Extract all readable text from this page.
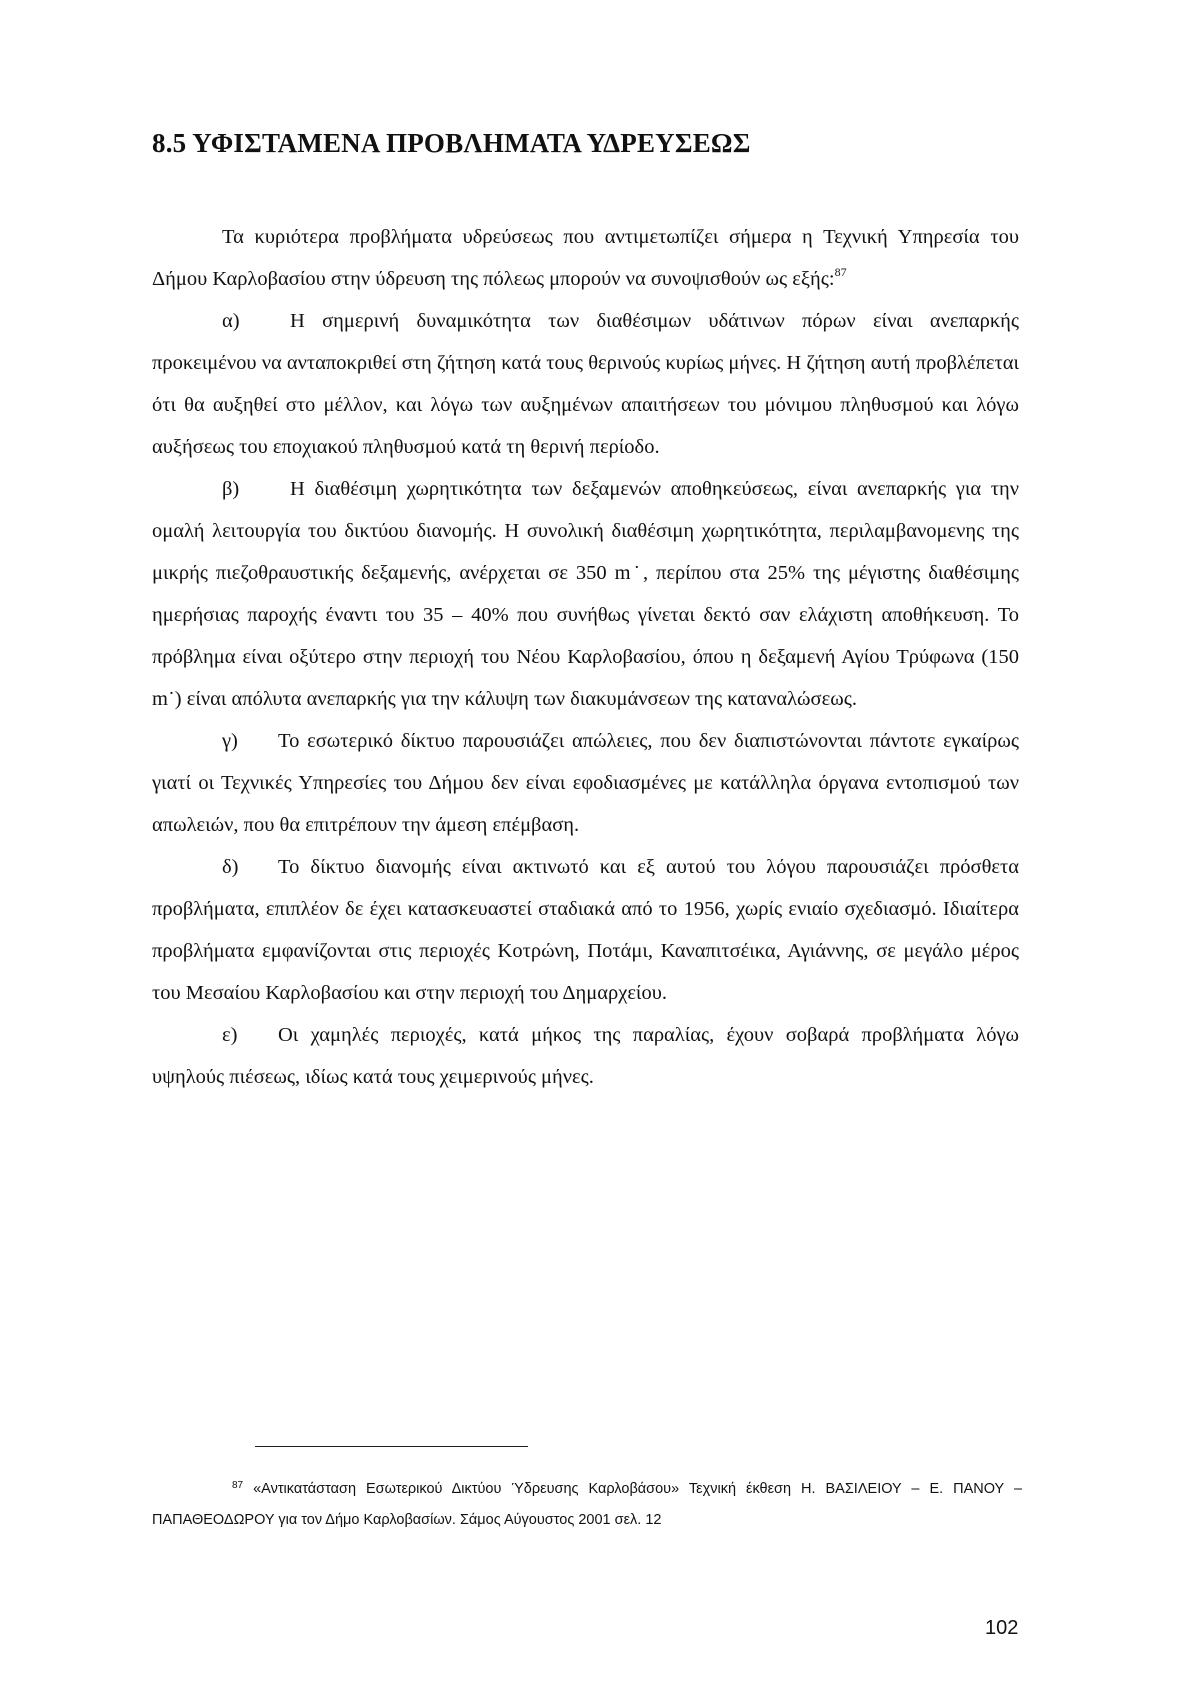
8.5 ΥΦΙΣΤΑΜΕΝΑ ΠΡΟΒΛΗΜΑΤΑ ΥΔΡΕΥΣΕΩΣ

Τα κυριότερα προβλήματα υδρεύσεως που αντιμετωπίζει σήμερα η Τεχνική Υπηρεσία του Δήμου Καρλοβασίου στην ύδρευση της πόλεως μπορούν να συνοψισθούν ως εξής:$^{87}$

α) Η σημερινή δυναμικότητα των διαθέσιμων υδάτινων πόρων είναι ανεπαρκής προκειμένου να ανταποκριθεί στη ζήτηση κατά τους θερινούς κυρίως μήνες. Η ζήτηση αυτή προβλέπεται ότι θα αυξηθεί στο μέλλον, και λόγω των αυξημένων απαιτήσεων του μόνιμου πληθυσμού και λόγω αυξήσεως του εποχιακού πληθυσμού κατά τη θερινή περίοδο.

β) Η διαθέσιμη χωρητικότητα των δεξαμενών αποθηκεύσεως, είναι ανεπαρκής για την ομαλή λειτουργία του δικτύου διανομής. Η συνολική διαθέσιμη χωρητικότητα, περιλαμβανομενης της μικρής πιεζοθραυστικής δεξαμενής, ανέρχεται σε 350 m˙, περίπου στα 25% της μέγιστης διαθέσιμης ημερήσιας παροχής έναντι του 35 – 40% που συνήθως γίνεται δεκτό σαν ελάχιστη αποθήκευση. Το πρόβλημα είναι οξύτερο στην περιοχή του Νέου Καρλοβασίου, όπου η δεξαμενή Αγίου Τρύφωνα (150 m˙) είναι απόλυτα ανεπαρκής για την κάλυψη των διακυμάνσεων της καταναλώσεως.

γ) Το εσωτερικό δίκτυο παρουσιάζει απώλειες, που δεν διαπιστώνονται πάντοτε εγκαίρως γιατί οι Τεχνικές Υπηρεσίες του Δήμου δεν είναι εφοδιασμένες με κατάλληλα όργανα εντοπισμού των απωλειών, που θα επιτρέπουν την άμεση επέμβαση.

δ) Το δίκτυο διανομής είναι ακτινωτό και εξ αυτού του λόγου παρουσιάζει πρόσθετα προβλήματα, επιπλέον δε έχει κατασκευαστεί σταδιακά από το 1956, χωρίς ενιαίο σχεδιασμό. Ιδιαίτερα προβλήματα εμφανίζονται στις περιοχές Κοτρώνη, Ποτάμι, Καναπιτσέικα, Αγιάννης, σε μεγάλο μέρος του Μεσαίου Καρλοβασίου και στην περιοχή του Δημαρχείου.

ε) Οι χαμηλές περιοχές, κατά μήκος της παραλίας, έχουν σοβαρά προβλήματα λόγω υψηλούς πιέσεως, ιδίως κατά τους χειμερινούς μήνες.

$^{87}$ «Αντικατάσταση Εσωτερικού Δικτύου Ύδρευσης Καρλοβάσου» Τεχνική έκθεση Η. ΒΑΣΙΛΕΙΟΥ – Ε. ΠΑΝΟΥ – ΠΑΠΑΘΕΟΔΩΡΟΥ για τον Δήμο Καρλοβασίων. Σάμος Αύγουστος 2001 σελ. 12
102
